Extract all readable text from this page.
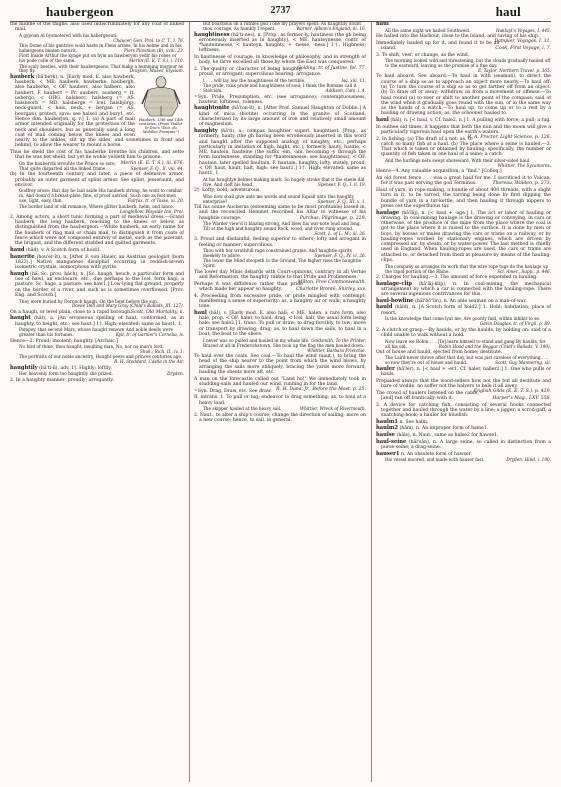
haubergeon	2737	haul

the middle of the thighs: also used indiscriminately for any coat of linked mail.

A gypoun Al bysmotered with his habergeoun.
Chaucer, Gen. Prol. to C. T., l. 76.

This Dome of his gentrice wold haste in Flens armes, In his helme and in his habergeons beaten naturit.	Piers Plowman (B), xviii. 23.

First Inside Arthur the kynge put on hym an hawberyon yedir his robes or his pode colle of the same.	Merlin (E. E. T. S.), i. 110.

The scaly beetles, with their haubergeons, That make a humming murmur as they fly.	Drayton, Muses' Elysium.

Hauberk, 13th and 14th centuries. (From Viollet-le-Duc's "Dict. du Mobilier Français.")

hauberk (hâ'bėrk), n. [Early mod. E. also hawberk, hauberk; < ME. hauberk, hawberke, haubergh, also hauberke, < OF. hauberc, also halberc, also haubert, F. haubert = Pr. ausberc, ausberg = It. usbergo, < OHG. halsberc, halsberg (= AS. halsbeorh = MD. halsberge = Icel. halsbjörg), neck-guard, < hals, neck, + bergan (= AS. beorgan), protect, save: see halse1 and bury1, etc. Hence dim. hauberjon, q. v.] 1. (a) A part of mail armor intended originally for the protection of the neck and shoulders, but as generally used a long coat of mail coming below the knees and even nearly to the ankles, slit up the sides, and sometimes in front and behind, to allow the wearer to mount a horse.

Thus he sheld the cost of his hauberke brenthe his children, and sette that he was bet sheld, but yet he woble yeldeth him to prisone.
Merlin (E. E. T. S.), iii. 676.

On the haubervik wrouhte the Prince so sore, That quite disparted all the linked frame.	Spenser, F. Q., II. viii. 44.

(b) In the fourteenth century and later, a piece of defensive armor, probably an outer garment of splint armor. See splint, jesseraunt, and envivor.

Godfrey arose; that day he laid aside His hauberk strong, he wont to combat in, And donn'd a breast-plate, fine, of proof untried, Such one as foot-men use, light, easy, thin.	Fairfax, tr. of Tasso, xi. 20.

The border land of old romance, Where glitter hauberk, helm, and lance.
Longfellow, Wayside Inn, Prel.

2. Among actors, a short tunic forming a part of medieval dress.—Grand hauberk, the long hauberk, reaching to the knees or below, as distinguished from the haubergeon.—White hauberk, an early name for the hauberk of ring mail or chain mail, to distinguish it from coats of fence which were not composed entirely of metal, such as the jazerant, the brigant, and the different studded and quilted garments.

haud (hâd), v. A Scotch form of hold1.

hauerite (hou'ėr-īt), n. [After F. von Hauer, an Austrian geologist (born 1822).] Native manganese disulphid occurring in reddish-brown isometric crystals, isomorphous with pyrite.

haugh (hâ; Sc. prou. hâch), n. [Sc. haugh, heuch, a particular form and use of hawl, an enclosure, etc., due perhaps to the Icel. form hagi, a pasture. Sc. hage, a pasture: see haw1.] Low-lying flat ground, properly on the border of a river, and such as is sometimes overflowed. [Prov. Eng. and Scotch.]

They were buried by Dornoch haugh, On the bent before the sun.
Dowie Dell and Mary Gray (Child's Ballads, III. 127).

On a haugh, or level plain, close to a rapid borough. Scott, Old Mortality, ii.

haught (hât), a. [An erroneous spelling of haut, conformed, as in haughty, to height, etc.; see haut.] 1†. High; elevated: same as haut1, 1.

Pompey, that second Mars, whose haught renown And noble deeds were greater than his fortunes.	Kyd, tr. of Garnier's Cornelia, iv.

Hence—2. Proud; insolent; haughty. [Archaic.]

No bird of thine, thou haught, insulting man, No, nor no man's lord.
Shak., Rich. II., iv. 1.

The portraits of our noble ancestry, Haught peers and princes centuries ago.
R. H. Stoddard, Castle in the Air.

haughtily (hâ'ti-li), adv. 1†. Highly; loftily.

Her heavenly form too haughtily she prized.	Dryden.

2. In a haughty manner; proudly; arrogantly.

But boastious on a ruthles god I one my prayers spent: As haughtily doubt thou courage, As humbly I repent.	Warner, Albion's England, iii. 16.

haughtiness (hâ'ti-nes), n. [Prop., as former-ly, hautiness (the gh being erroneously inserted as in haughty), < ME. hauteynesse, contr. of *hauteinnesse, < hauteyn, haughty, + -nesse, -ness.] 1†. Highness; loftiness.

In hautinesse of courage, in knowledge of philosophy, and in strength of body, he farre excelled all those by whom the East was conquered.
Golding, tr. of Justine, fol. 77.

2. The quality or character of being haughty, proud, or arrogant; supercilious bearing; arrogance.

I . . . will lay low the haughtiness of the terrible.	Isa. xiii. 11.

The pride, rank pride and haughtiness of soul; I think the Romans call it Stoicism.	Addison, Cato, i. 4.

=Syn. Pride, Presumption, etc. (see arrogance); contemptuousness, hauteur, loftiness, roleness.

haughtonite (hâ'ton-īt), n. [After Prof. Samuel Haughton of Dublin.] A kind of mica (biotite) occurring in the granite of Scotland, characterized by its large amount of iron and relatively small amount of magnesium.

haughty (hâ'ti), a.; compar. haughtier, superl. haughtiest. [Prop., as formerly, hauty (the gh having been erroneously inserted in this word and haught after the supposed analogy of naughty, etc., perhaps particularly in imitation of high, hight, etc.); formerly hauty, hautie, < ME. hautein, hauteine (the suffix -ein, -ain, becoming -y through the form hauteinesse, standing for *hauteinnesse: see haughtiness), < OF. hautain, later spelled haultain, F. hautain, haughty, lofty, stately, proud, < OF. haut, hault, halt, high: see haut1.] 1†. High; elevated: same as haut1, 1.

At his haughtye helmet making mark, So hugely stroke that it the steele did rive, And cleft his head.	Spenser, F. Q., I. ii. 19.

2†. Lofty; bold; adventurous.

Who now shall give unto me words and sound Equall unto this haughty enterprise?	Spenser, F. Q., III. x. 1.

Till his sonne Aucherus (esteeming same to be most profitable) lossed in, and the reconciled Hemmet rescribed his Altar to witnesse of his haughtie courage.	Purchas, Pilgrimage, p. 229.

The Warder view'd it blazing strong, And blew his war-note loud and long, Till at the high and haughty sound Rock, wood, and river rung around.
Scott, L. of L. M., iii. 26.

3. Proud and disdainful; feeling superior to others; lofty and arrogant in feeling or manner; supercilious.

Thou with her wrathfull rage constrained grame, And haughtie spirits meekely to adore.	Spenser, F. Q., IV. vi. 26.

The lower the Mind stoopeth to the Ground, The higher rises the haughtie Spirit.

The lower day Minis debards with Court-opinions, contrary in all Vertue and Reformation, the haughty rabble to that Pride and Profaneness.
Milton, Free Commonwealth.

Perhaps it was diffidence rather than pride which made her appear so haughty.	Charlotte Brontë, Shirley, xxv.

4. Proceeding from excessive pride, or pride mingled with contempt; manifesting a sense of superiority: as, a haughty air or walk; a haughty tone.

haul (hâl), v. [Early mod. E. also hall; < ME. halen, a rare form, also hale, prop. < OF. haler, to haul, drag, < Icel. halr, the usual form being hale: see hale2.] I. trans. To pull or draw; to drag forcibly, to tow; move or transport by drawing; drag; as, to haul down the sails, to haul in a boat; the boat to the shore.

I never was so pulled and hauled in my whole life. Goldsmith, To the Printer.

Braced at all in Frederickstown, She took up the flag the men hauled down.
Whittier, Barbara Frietchie.

To haul over the coals. See coal.—To haul the wind (naut.), to bring the head of the ship nearer to the point from which the wind blows, by arranging the sails more obliquely, bracing the yards more forward, hauling the sheets more aft, etc.

A man on the forecastle called out "Land ho!" We immediately took in studding-sails and hauled our wind, running in for the land.
R. H. Dana, Jr., Before the Mast, p. 25.

=Syn. Drag, Draw, etc. See draw.

II. intrans. 1. To pull or tug; endeavor to drag something; as, to haul at a heavy load.

The skipper hauled at the heavy sail.	Whittier, Wreck of Rivermouth.

2. Naut., to alter a ship's course; change the direction of sailing; move on a new course; hence, to sail, in general.

haul

All the same night we hailed Southwest.	Hakluyt's Voyages, I. 445.

He halled into the Harbour, close to the Island, and saving of his ship.
Dampier, Voyages, I. 31.

Immediately hauled up for it, and found it to be an island.	Cook, First Voyage, i. 7.

3. To shift, veer, or change, as the wind.

The morning looked wild and threatening, but the clouds gradually hauled off to the eastward, leaving us the promise of a fine day.
E. Taylor, Northern Travel, p. 365.

To haul aboard. See aboard.—To haul in with (seaman), to direct the course of a ship so as to approach an object more nearly.—To haul off: (a) To turn the course of a ship so as to get farther off from an object. (b) To draw off or away; withdraw, as from a movement or offense.—To haul round (a) to veer or shift to another point of the compass; said of the wind when it gradually goes round with the sun, or in the same way as the hands of a watch.—To haul up, to come up or to a rest by a hauling or drawing action; as, the schooner hauled to.

haul (hâl), n. [< haul, v. Cf. hale2, n.] 1. A pulling with force; a pull; a tug.

In outhee old times, it happens that both the nun and the moon will give a particularly vigorous haul upon the earth's waters.
R. A. Proctor, Light Science, p. 126.

2. In fishing: (a) The draft of a net: as, to catch so many fish at a haul. (b) The place where a seine is hauled.—3. That which is taken or obtained by hauling; specifically, the number or quantity of fish taken in one haul of a seine; a catch.

And the hurlings nets swept shoreward, With their silver-sided haul.
Whittier, The Sycamores.

Hence—4. Any valuable acquisition; a "find." [Colloq.]

An old forest fence . . . was a great haul for me. I sacrificed it to Vulcan, for it was past serving the god Terminus.	Thoreau, Walden, p. 273.

Haul of yarn, in rope-making, a bundle of about 400 threads, with a slight turn in it, to be tarred, the tarring being done by first dipping the bundle of yarn in a tar-kettle, and then hauling it through nippers to press out the superfluous tar.

haulage (hâ'lāj), n. [< haul + -age.] 1. The act or labor of hauling or drawing. In coal-mining haulage is the drawing or conveying, in cars or otherwise, of the produce of the mine from the place where the coal is got to the place where it is raised to the surface. It is done by men or boys, by horses or mules drawing the cars or trams on a railway, or by hauling-ropes worked by stationary engines, which are driven by compressed air, by steam, or by water-power. The last method is chiefly used in England. When hauling-ropes are used, the cars or trams are attached to, or detached from them at pleasure by means of the hauling-clips.

The company so arranges its work that the wire rope tugs do the haulage up the rapid portion of the Rhine.	Sci. Amer., Supp., p. 446.

2. Charges for hauling.—3. The amount of force expended in hauling.

haulage-clip (hâ'lāj-klip), n. In coal-mining, the mechanical arrangement by which a car is connected with the hauling-rope. There are several ingenious contrivances for this.

haul-bowline (hâl'bō"lin), n. An able seaman on a man-of-war.

hauld (hâld), n. [A Scotch form of hold2.] 1. Hold; habitation; place of resort.

Is the knowledge that come lyat me, Are goonty fald, within inhibit to se.
Gavin Douglas, tr. of Virgil, p. 89.

2. A clutch or grasp.—By haulds, or by the haulds, by holding on: said of a child unable to walk without a hold.

Now leave we Robin . . . [To] learn himsell to stand and gang By haulds, for all his old.	Robin Hood and the Beggar (Child's Ballads, V. 190).

Out of house and hauld, ejected from home; destitute.

The Laird never throve after that day, but was just careless of everything . . . so now they're out of house and hauld.	Scott, Guy Mannering, xii.

hauler (hâ'lėr), n. [< haul + -er1. Cf. haler, haller2.] 1. One who pulls or hauls.

Prepaided always that the wood-sellers how not the but all destitute and bare of wodde, no soffer not the halyers to bale it all awey.
English Gilds (E. E. T. S.), p. 429.

The crowd of haulers listened on the cable, [and] ran off frantically with it.	Harper's Mag., LXV. 558.

2. A device for catching fish, consisting of several hooks connected together and hauled through the water by a line; a jigger; a scrod-gaff; a snatching-hook; a hauler for bluefish.

haulm1 n. See halm.

haulm2 (hâm), n. An improper form of hame1.

haulse (hâls), n. Naut., same as halse2 for hawse1.

haul-seine (hâl'sān), n. A large seine, so called in distinction from a purse-seine; a drag-seine.

hauser1 n. An obsolete form of hawser.

His vessel moored, and made with hauser fast.	Dryden, Hind, i. 190.
